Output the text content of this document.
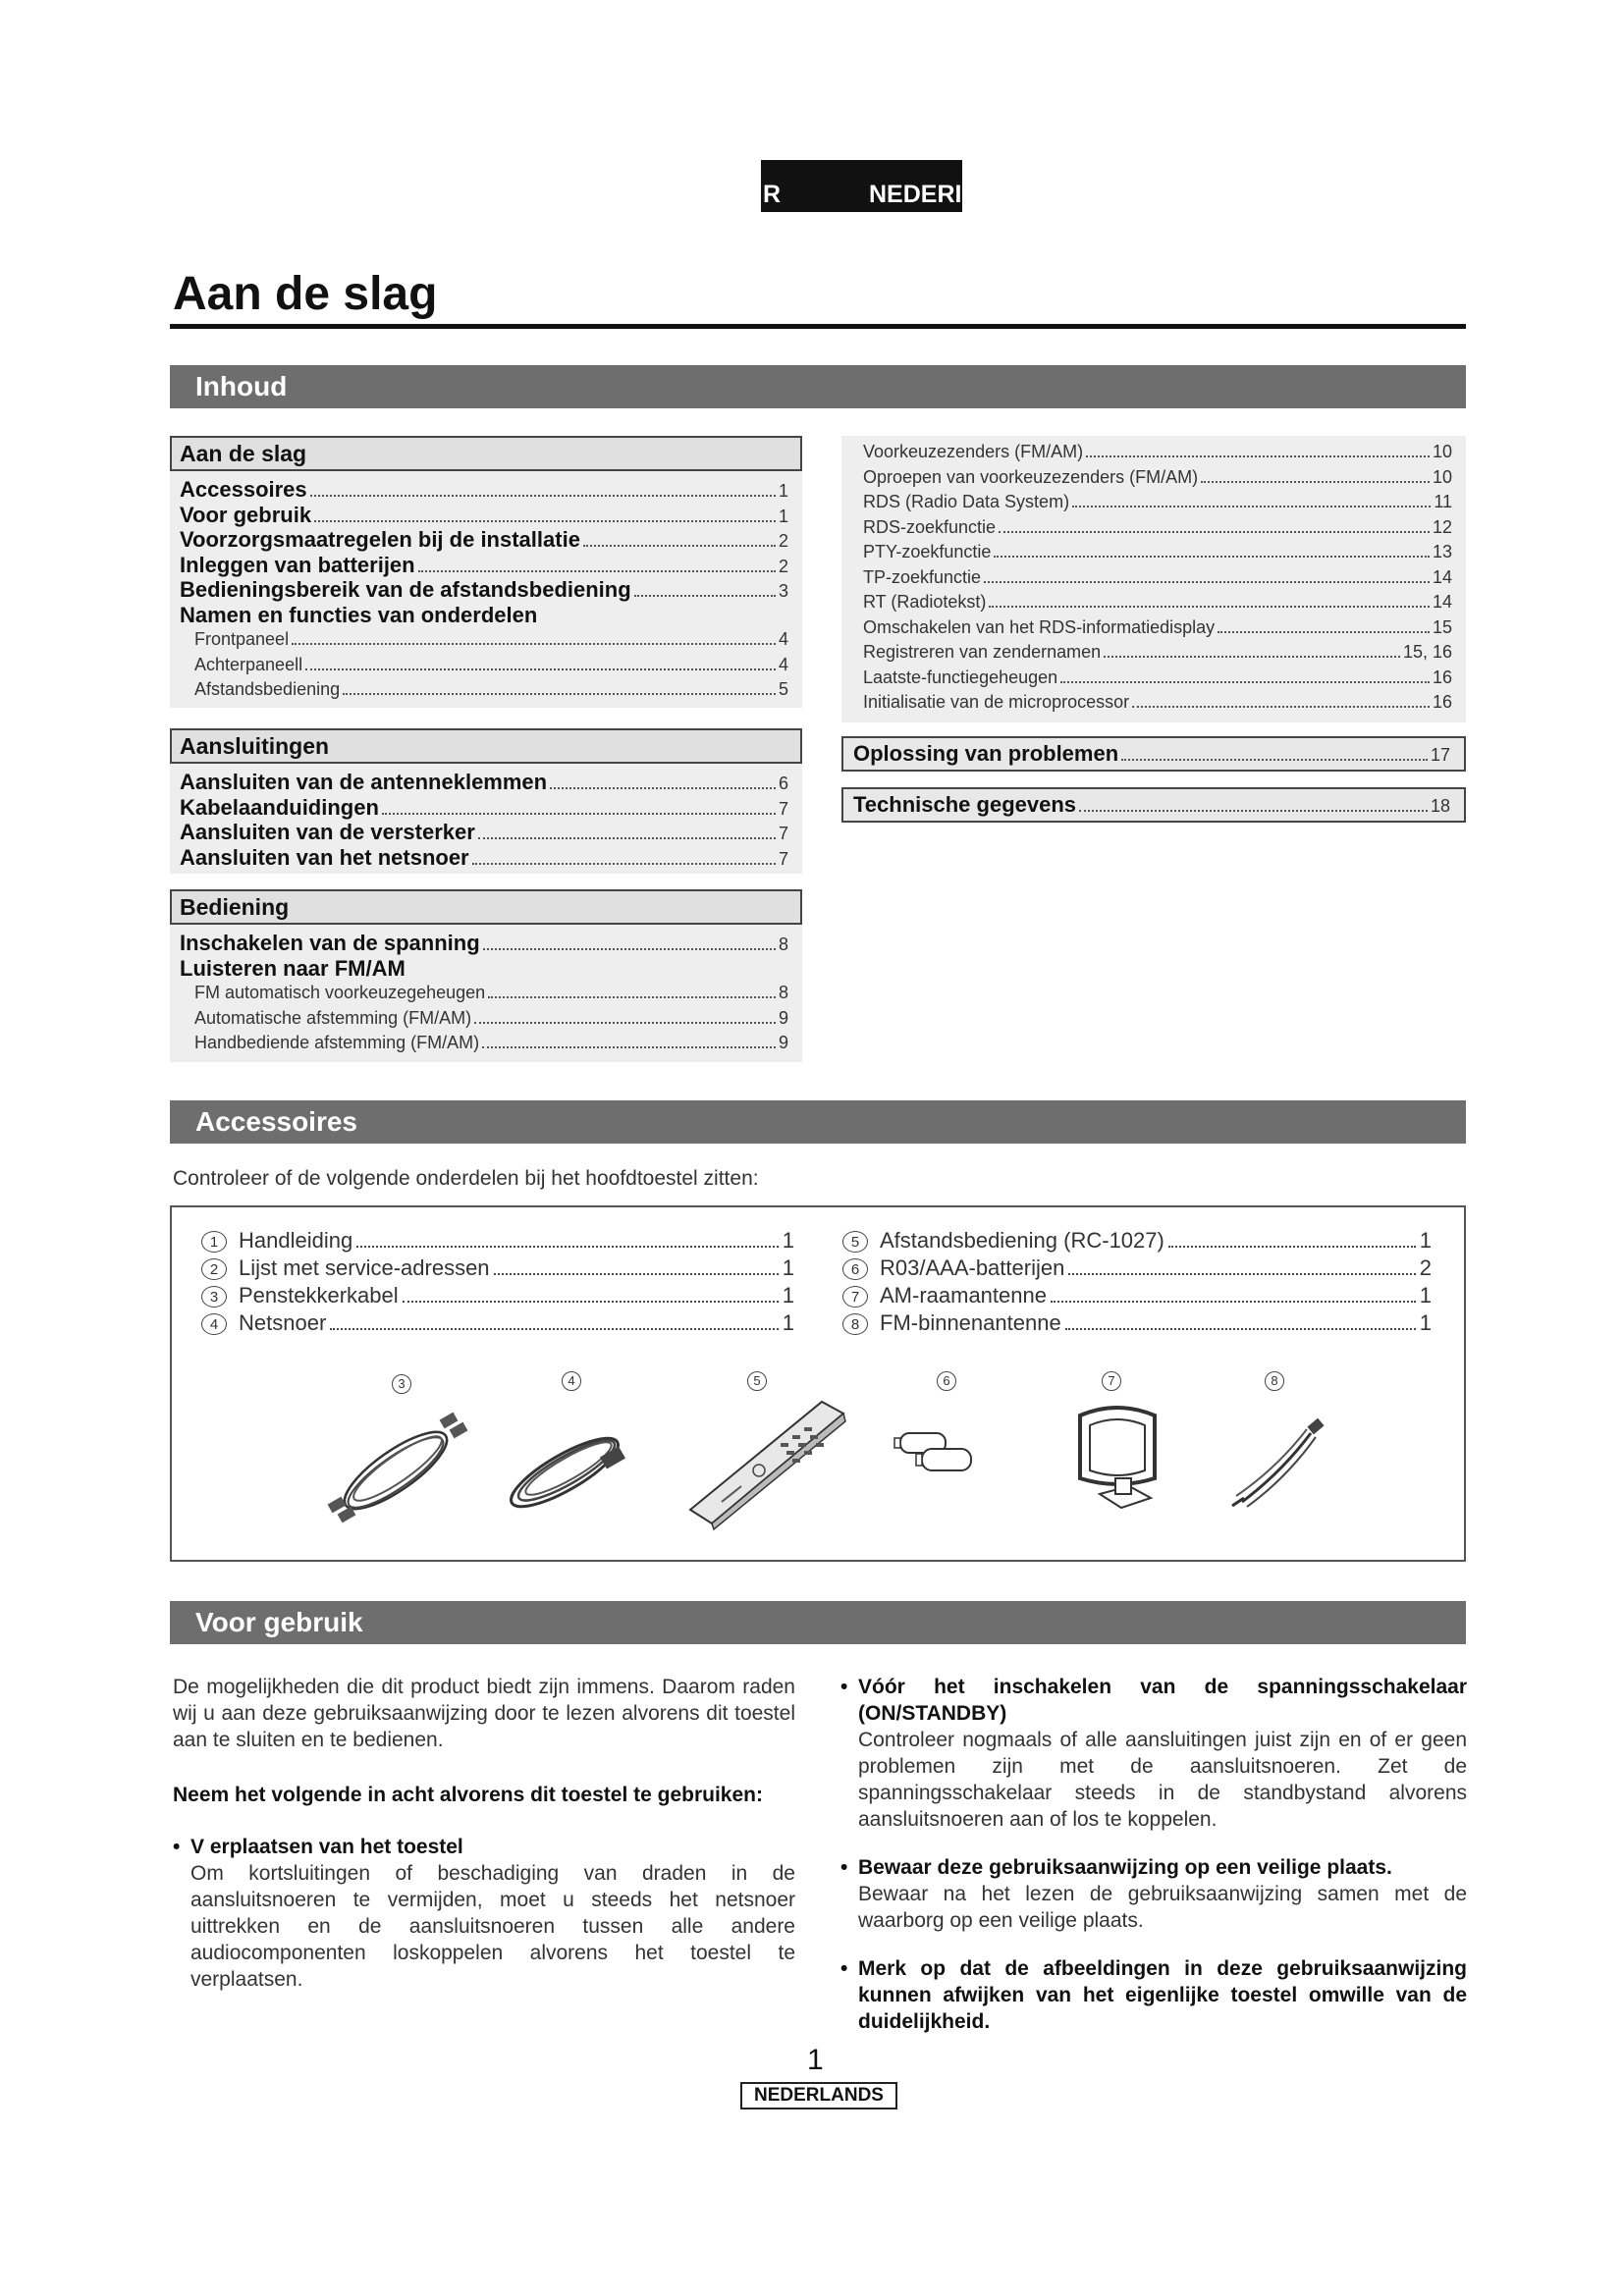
R	NEDERI
Aan de slag
Inhoud
Aan de slag
Accessoires	1
Voor gebruik	1
Voorzorgsmaatregelen bij de installatie	2
Inleggen van batterijen	2
Bedieningsbereik van de afstandsbediening	3
Namen en functies van onderdelen
Frontpaneel	4
Achterpaneell	4
Afstandsbediening	5
Aansluitingen
Aansluiten van de antenneklemmen	6
Kabelaanduidingen	7
Aansluiten van de versterker	7
Aansluiten van het netsnoer	7
Bediening
Inschakelen van de spanning	8
Luisteren naar FM/AM
FM automatisch voorkeuzegeheugen	8
Automatische afstemming (FM/AM)	9
Handbediende afstemming (FM/AM)	9
Voorkeuzezenders (FM/AM)	10
Oproepen van voorkeuzezenders (FM/AM)	10
RDS (Radio Data System)	11
RDS-zoekfunctie	12
PTY-zoekfunctie	13
TP-zoekfunctie	14
RT (Radiotekst)	14
Omschakelen van het RDS-informatiedisplay	15
Registreren van zendernamen	15, 16
Laatste-functiegeheugen	16
Initialisatie van de microprocessor	16
Oplossing van problemen	17
Technische gegevens	18
Accessoires
Controleer of de volgende onderdelen bij het hoofdtoestel zitten:
1 Handleiding	1
2 Lijst met service-adressen	1
3 Penstekkerkabel	1
4 Netsnoer	1
5 Afstandsbediening (RC-1027)	1
6 R03/AAA-batterijen	2
7 AM-raamantenne	1
8 FM-binnenantenne	1
3	4	5	6	7	8
Voor gebruik

De mogelijkheden die dit product biedt zijn immens. Daarom raden wij u aan deze gebruiksaanwijzing door te lezen alvorens dit toestel aan te sluiten en te bedienen.

Neem het volgende in acht alvorens dit toestel te gebruiken:

• V erplaatsen van het toestel

Om kortsluitingen of beschadiging van draden in de aansluitsnoeren te vermijden, moet u steeds het netsnoer uittrekken en de aansluitsnoeren tussen alle andere audiocomponenten loskoppelen alvorens het toestel te verplaatsen.

• Vóór het inschakelen van de spanningsschakelaar (ON/STANDBY)

Controleer nogmaals of alle aansluitingen juist zijn en of er geen problemen zijn met de aansluitsnoeren. Zet de spanningsschakelaar steeds in de standbystand alvorens aansluitsnoeren aan of los te koppelen.

• Bewaar deze gebruiksaanwijzing op een veilige plaats.

Bewaar na het lezen de gebruiksaanwijzing samen met de waarborg op een veilige plaats.

• Merk op dat de afbeeldingen in deze gebruiksaanwijzing kunnen afwijken van het eigenlijke toestel omwille van de duidelijkheid.
1
NEDERLANDS
